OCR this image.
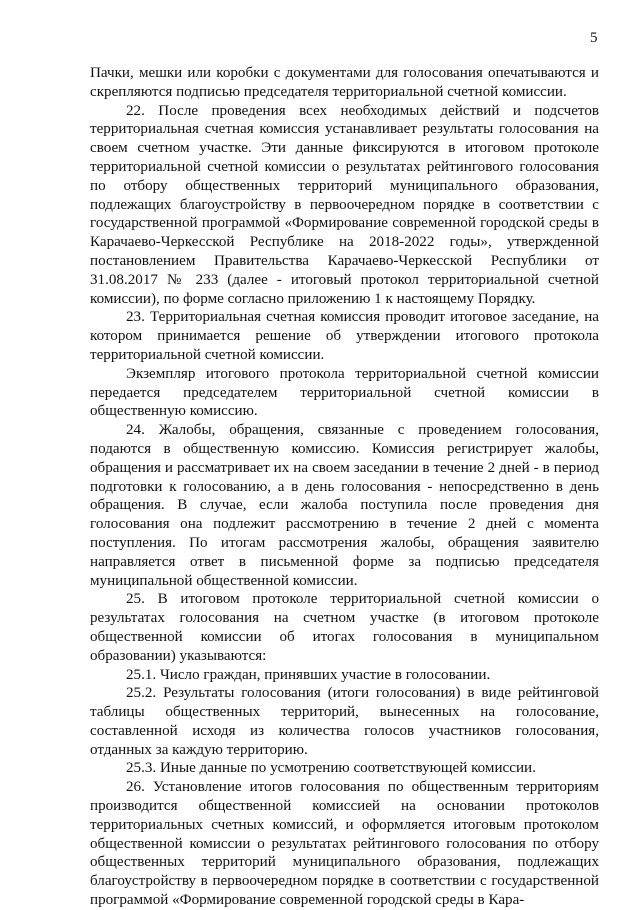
5

Пачки, мешки или коробки с документами для голосования опечатываются и скрепляются подписью председателя территориальной счетной комиссии.

22. После проведения всех необходимых действий и подсчетов территориальная счетная комиссия устанавливает результаты голосования на своем счетном участке. Эти данные фиксируются в итоговом протоколе территориальной счетной комиссии о результатах рейтингового голосования по отбору общественных территорий муниципального образования, подлежащих благоустройству в первоочередном порядке в соответствии с государственной программой «Формирование современной городской среды в Карачаево-Черкесской Республике на 2018-2022 годы», утвержденной постановлением Правительства Карачаево-Черкесской Республики от 31.08.2017 № 233 (далее - итоговый протокол территориальной счетной комиссии), по форме согласно приложению 1 к настоящему Порядку.

23. Территориальная счетная комиссия проводит итоговое заседание, на котором принимается решение об утверждении итогового протокола территориальной счетной комиссии.

Экземпляр итогового протокола территориальной счетной комиссии передается председателем территориальной счетной комиссии в общественную комиссию.

24. Жалобы, обращения, связанные с проведением голосования, подаются в общественную комиссию. Комиссия регистрирует жалобы, обращения и рассматривает их на своем заседании в течение 2 дней - в период подготовки к голосованию, а в день голосования - непосредственно в день обращения. В случае, если жалоба поступила после проведения дня голосования она подлежит рассмотрению в течение 2 дней с момента поступления. По итогам рассмотрения жалобы, обращения заявителю направляется ответ в письменной форме за подписью председателя муниципальной общественной комиссии.

25. В итоговом протоколе территориальной счетной комиссии о результатах голосования на счетном участке (в итоговом протоколе общественной комиссии об итогах голосования в муниципальном образовании) указываются:

25.1. Число граждан, принявших участие в голосовании.

25.2. Результаты голосования (итоги голосования) в виде рейтинговой таблицы общественных территорий, вынесенных на голосование, составленной исходя из количества голосов участников голосования, отданных за каждую территорию.

25.3. Иные данные по усмотрению соответствующей комиссии.

26. Установление итогов голосования по общественным территориям производится общественной комиссией на основании протоколов территориальных счетных комиссий, и оформляется итоговым протоколом общественной комиссии о результатах рейтингового голосования по отбору общественных территорий муниципального образования, подлежащих благоустройству в первоочередном порядке в соответствии с государственной программой «Формирование современной городской среды в Кара-
